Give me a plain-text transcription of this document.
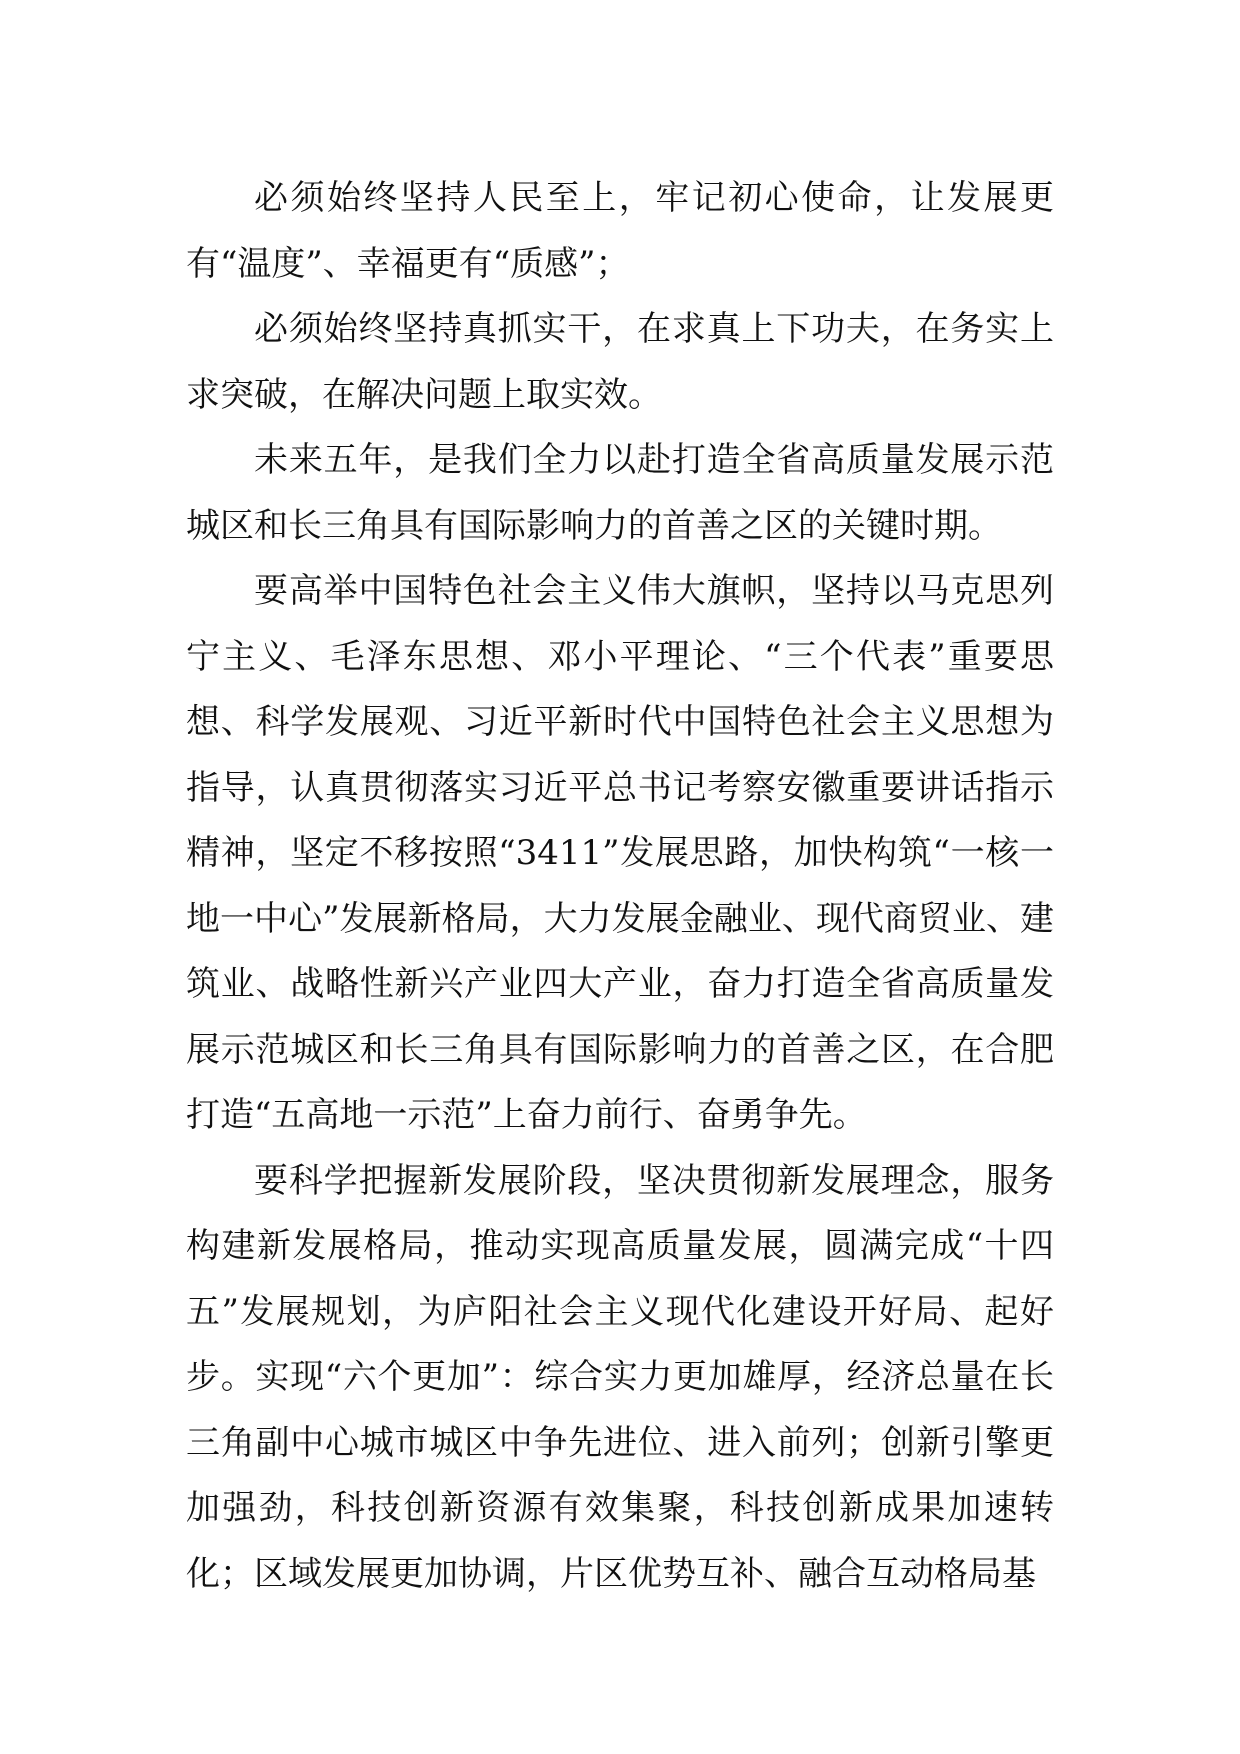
必须始终坚持人民至上，牢记初心使命，让发展更有“温度”、幸福更有“质感”；

必须始终坚持真抓实干，在求真上下功夫，在务实上求突破，在解决问题上取实效。

未来五年，是我们全力以赴打造全省高质量发展示范城区和长三角具有国际影响力的首善之区的关键时期。

要高举中国特色社会主义伟大旗帜，坚持以马克思列宁主义、毛泽东思想、邓小平理论、“三个代表”重要思想、科学发展观、习近平新时代中国特色社会主义思想为指导，认真贯彻落实习近平总书记考察安徽重要讲话指示精神，坚定不移按照“3411”发展思路，加快构筑“一核一地一中心”发展新格局，大力发展金融业、现代商贸业、建筑业、战略性新兴产业四大产业，奋力打造全省高质量发展示范城区和长三角具有国际影响力的首善之区，在合肥打造“五高地一示范”上奋力前行、奋勇争先。

要科学把握新发展阶段，坚决贯彻新发展理念，服务构建新发展格局，推动实现高质量发展，圆满完成“十四五”发展规划，为庐阳社会主义现代化建设开好局、起好步。实现“六个更加”：综合实力更加雄厚，经济总量在长三角副中心城市城区中争先进位、进入前列；创新引擎更加强劲，科技创新资源有效集聚，科技创新成果加速转化；区域发展更加协调，片区优势互补、融合互动格局基
